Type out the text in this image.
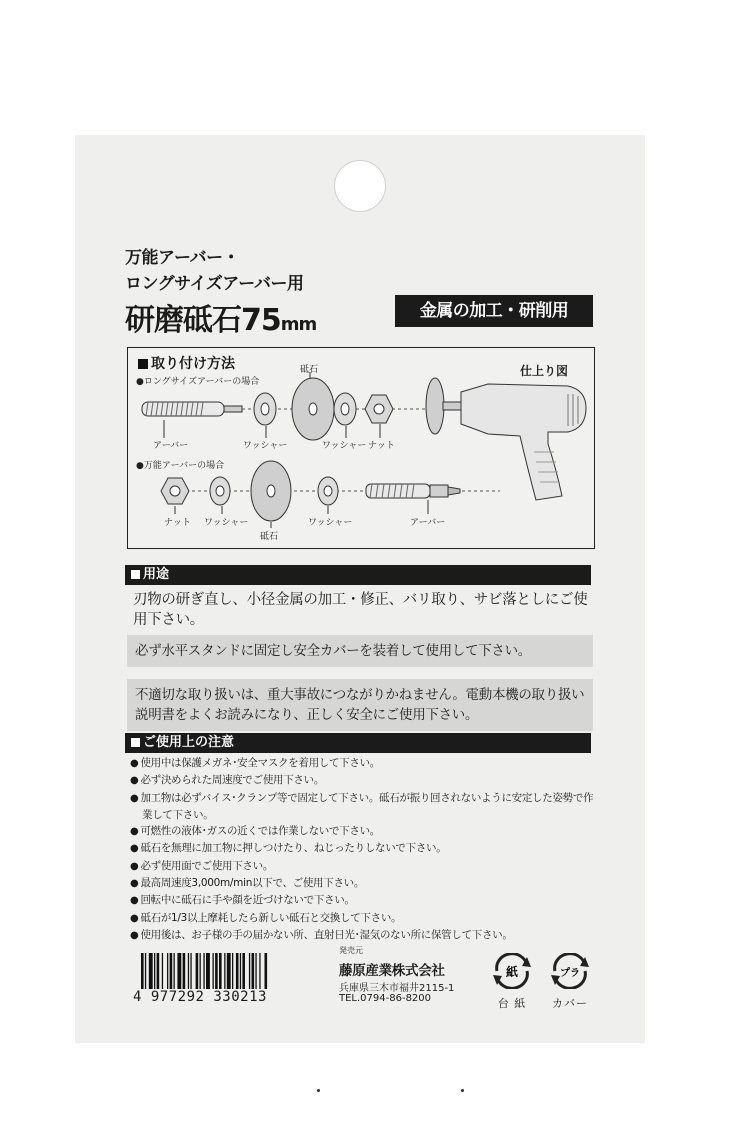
万能アーバー・
ロングサイズアーバー用
研磨砥石75mm
金属の加工・研削用
取り付け方法
●ロングサイズアーバーの場合
●万能アーバーの場合
仕上り図
砥石
アーバー	ワッシャー	ワッシャー ナット
ナット ワッシャー
砥石
ワッシャー	アーバー
用途
刃物の研ぎ直し、小径金属の加工・修正、バリ取り、サビ落としにご使用下さい。
必ず水平スタンドに固定し安全カバーを装着して使用して下さい。
不適切な取り扱いは、重大事故につながりかねません。電動本機の取り扱い説明書をよくお読みになり、正しく安全にご使用下さい。
ご使用上の注意
● 使用中は保護メガネ･安全マスクを着用して下さい。
● 必ず決められた周速度でご使用下さい。
● 加工物は必ずバイス･クランプ等で固定して下さい。砥石が振り回されないように安定した姿勢で作業して下さい。
● 可燃性の液体･ガスの近くでは作業しないで下さい。
● 砥石を無理に加工物に押しつけたり、ねじったりしないで下さい。
● 必ず使用面でご使用下さい。
● 最高周速度3,000m/min以下で、ご使用下さい。
● 回転中に砥石に手や顔を近づけないで下さい。
● 砥石が1/3以上摩耗したら新しい砥石と交換して下さい。
● 使用後は、お子様の手の届かない所、直射日光･湿気のない所に保管して下さい。
4 977292 330213
発売元
藤原産業株式会社
兵庫県三木市福井2115-1
TEL.0794-86-8200
紙
台 紙
プラ
カバー
